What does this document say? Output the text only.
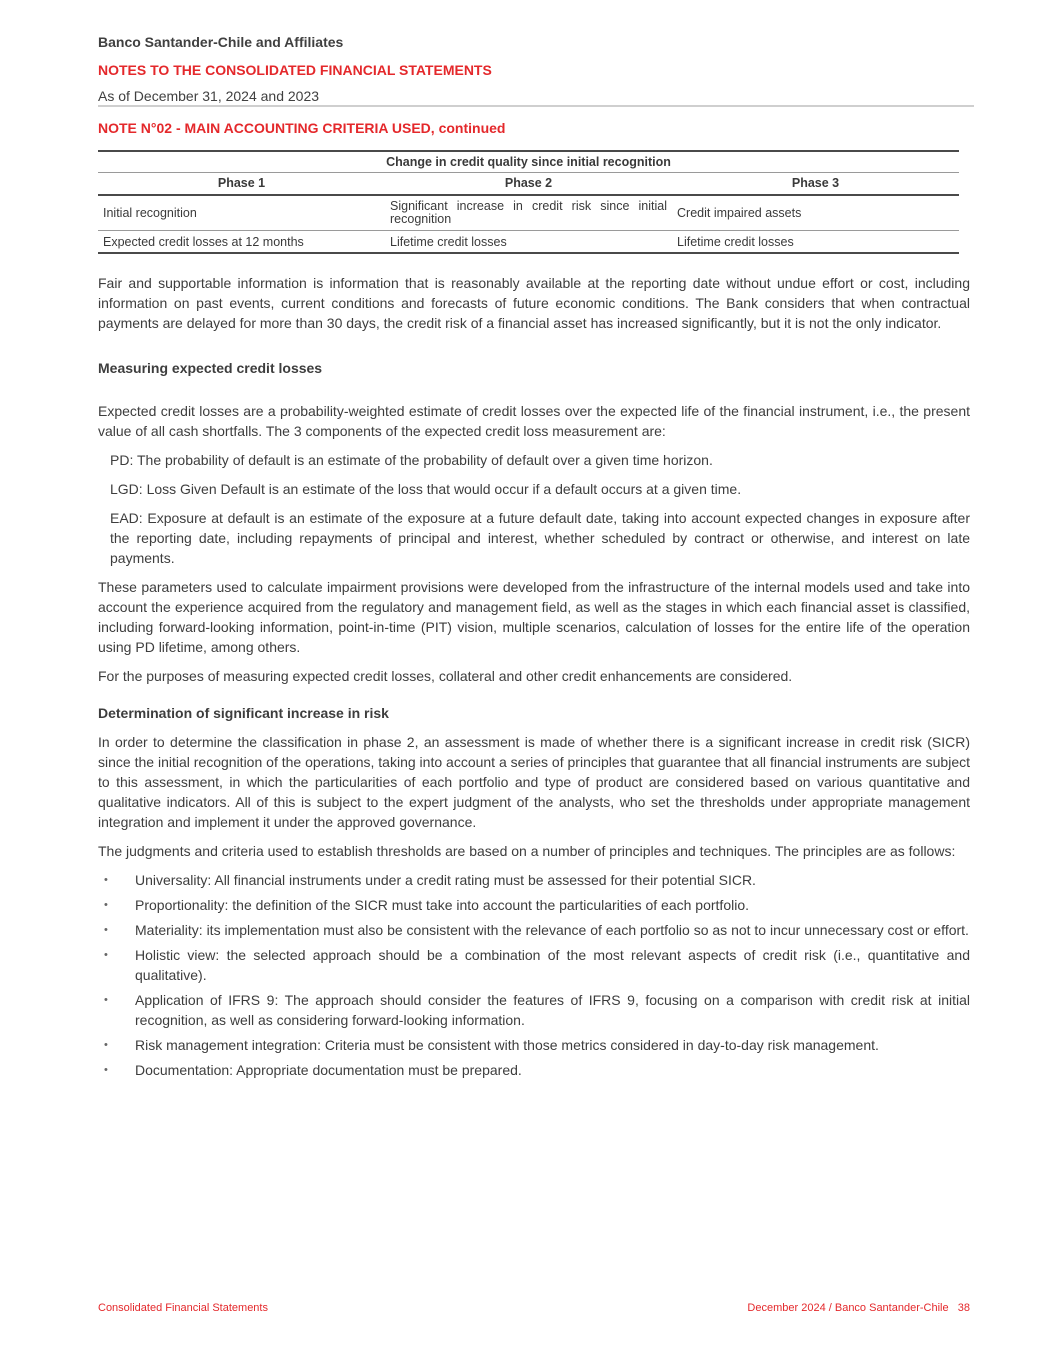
Banco Santander-Chile and Affiliates
NOTES TO THE CONSOLIDATED FINANCIAL STATEMENTS
As of December 31, 2024 and 2023
NOTE N°02 - MAIN ACCOUNTING CRITERIA USED, continued
Change in credit quality since initial recognition
Phase 1	Phase 2	Phase 3
Initial recognition	Significant increase in credit risk since initial recognition	Credit impaired assets
Expected credit losses at 12 months	Lifetime credit losses	Lifetime credit losses

Fair and supportable information is information that is reasonably available at the reporting date without undue effort or cost, including information on past events, current conditions and forecasts of future economic conditions. The Bank considers that when contractual payments are delayed for more than 30 days, the credit risk of a financial asset has increased significantly, but it is not the only indicator.

Measuring expected credit losses

Expected credit losses are a probability-weighted estimate of credit losses over the expected life of the financial instrument, i.e., the present value of all cash shortfalls. The 3 components of the expected credit loss measurement are:

PD: The probability of default is an estimate of the probability of default over a given time horizon.

LGD: Loss Given Default is an estimate of the loss that would occur if a default occurs at a given time.

EAD: Exposure at default is an estimate of the exposure at a future default date, taking into account expected changes in exposure after the reporting date, including repayments of principal and interest, whether scheduled by contract or otherwise, and interest on late payments.

These parameters used to calculate impairment provisions were developed from the infrastructure of the internal models used and take into account the experience acquired from the regulatory and management field, as well as the stages in which each financial asset is classified, including forward-looking information, point-in-time (PIT) vision, multiple scenarios, calculation of losses for the entire life of the operation using PD lifetime, among others.

For the purposes of measuring expected credit losses, collateral and other credit enhancements are considered.

Determination of significant increase in risk

In order to determine the classification in phase 2, an assessment is made of whether there is a significant increase in credit risk (SICR) since the initial recognition of the operations, taking into account a series of principles that guarantee that all financial instruments are subject to this assessment, in which the particularities of each portfolio and type of product are considered based on various quantitative and qualitative indicators. All of this is subject to the expert judgment of the analysts, who set the thresholds under appropriate management integration and implement it under the approved governance.

The judgments and criteria used to establish thresholds are based on a number of principles and techniques. The principles are as follows:

• Universality: All financial instruments under a credit rating must be assessed for their potential SICR.
• Proportionality: the definition of the SICR must take into account the particularities of each portfolio.
• Materiality: its implementation must also be consistent with the relevance of each portfolio so as not to incur unnecessary cost or effort.
• Holistic view: the selected approach should be a combination of the most relevant aspects of credit risk (i.e., quantitative and qualitative).
• Application of IFRS 9: The approach should consider the features of IFRS 9, focusing on a comparison with credit risk at initial recognition, as well as considering forward-looking information.
• Risk management integration: Criteria must be consistent with those metrics considered in day-to-day risk management.
• Documentation: Appropriate documentation must be prepared.
Consolidated Financial Statements	December 2024 / Banco Santander-Chile   38
